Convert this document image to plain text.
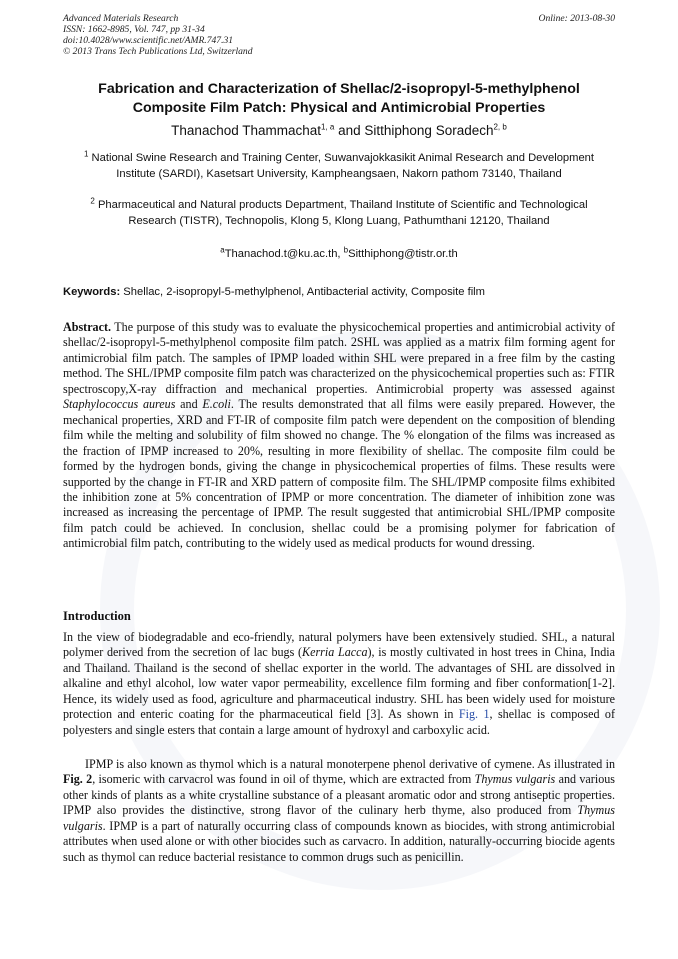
Advanced Materials Research
ISSN: 1662-8985, Vol. 747, pp 31-34
doi:10.4028/www.scientific.net/AMR.747.31
© 2013 Trans Tech Publications Ltd, Switzerland
Online: 2013-08-30
Fabrication and Characterization of Shellac/2-isopropyl-5-methylphenol
Composite Film Patch: Physical and Antimicrobial Properties
Thanachod Thammachat$^{1, a}$ and Sitthiphong Soradech$^{2, b}$
$^1$ National Swine Research and Training Center, Suwanvajokkasikit Animal Research and Development Institute (SARDI), Kasetsart University, Kampheangsaen, Nakorn pathom 73140, Thailand
$^2$ Pharmaceutical and Natural products Department, Thailand Institute of Scientific and Technological Research (TISTR), Technopolis, Klong 5, Klong Luang, Pathumthani 12120, Thailand
$^a$Thanachod.t@ku.ac.th, $^b$Sitthiphong@tistr.or.th
Keywords: Shellac, 2-isopropyl-5-methylphenol, Antibacterial activity, Composite film

Abstract. The purpose of this study was to evaluate the physicochemical properties and antimicrobial activity of shellac/2-isopropyl-5-methylphenol composite film patch. 2SHL was applied as a matrix film forming agent for antimicrobial film patch. The samples of IPMP loaded within SHL were prepared in a free film by the casting method. The SHL/IPMP composite film patch was characterized on the physicochemical properties such as: FTIR spectroscopy,X-ray diffraction and mechanical properties. Antimicrobial property was assessed against Staphylococcus aureus and E.coli. The results demonstrated that all films were easily prepared. However, the mechanical properties, XRD and FT-IR of composite film patch were dependent on the composition of blending film while the melting and solubility of film showed no change. The % elongation of the films was increased as the fraction of IPMP increased to 20%, resulting in more flexibility of shellac. The composite film could be formed by the hydrogen bonds, giving the change in physicochemical properties of films. These results were supported by the change in FT-IR and XRD pattern of composite film. The SHL/IPMP composite films exhibited the inhibition zone at 5% concentration of IPMP or more concentration. The diameter of inhibition zone was increased as increasing the percentage of IPMP. The result suggested that antimicrobial SHL/IPMP composite film patch could be achieved. In conclusion, shellac could be a promising polymer for fabrication of antimicrobial film patch, contributing to the widely used as medical products for wound dressing.

Introduction

In the view of biodegradable and eco-friendly, natural polymers have been extensively studied. SHL, a natural polymer derived from the secretion of lac bugs (Kerria Lacca), is mostly cultivated in host trees in China, India and Thailand. Thailand is the second of shellac exporter in the world. The advantages of SHL are dissolved in alkaline and ethyl alcohol, low water vapor permeability, excellence film forming and fiber conformation[1-2]. Hence, its widely used as food, agriculture and pharmaceutical industry. SHL has been widely used for moisture protection and enteric coating for the pharmaceutical field [3]. As shown in Fig. 1, shellac is composed of polyesters and single esters that contain a large amount of hydroxyl and carboxylic acid.

IPMP is also known as thymol which is a natural monoterpene phenol derivative of cymene. As illustrated in Fig. 2, isomeric with carvacrol was found in oil of thyme, which are extracted from Thymus vulgaris and various other kinds of plants as a white crystalline substance of a pleasant aromatic odor and strong antiseptic properties. IPMP also provides the distinctive, strong flavor of the culinary herb thyme, also produced from Thymus vulgaris. IPMP is a part of naturally occurring class of compounds known as biocides, with strong antimicrobial attributes when used alone or with other biocides such as carvacro. In addition, naturally-occurring biocide agents such as thymol can reduce bacterial resistance to common drugs such as penicillin.
